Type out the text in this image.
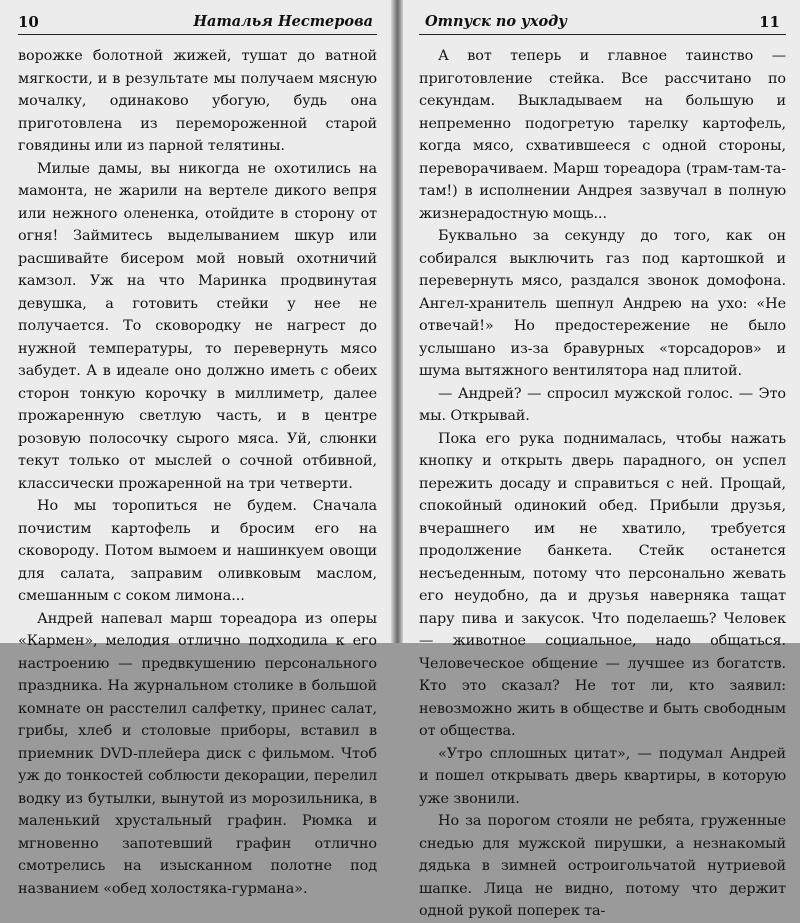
10	Наталья Нестерова

ворожке болотной жижей, тушат до ватной мягкости, и в результате мы получаем мясную мочалку, одинаково убогую, будь она приготовлена из перемороженной старой говядины или из парной телятины.

Милые дамы, вы никогда не охотились на мамонта, не жарили на вертеле дикого вепря или нежного олененка, отойдите в сторону от огня! Займитесь выделыванием шкур или расшивайте бисером мой новый охотничий камзол. Уж на что Маринка продвинутая девушка, а готовить стейки у нее не получается. То сковородку не нагрест до нужной температуры, то перевернуть мясо забудет. А в идеале оно должно иметь с обеих сторон тонкую корочку в миллиметр, далее прожаренную светлую часть, и в центре розовую полосочку сырого мяса. Уй, слюнки текут только от мыслей о сочной отбивной, классически прожаренной на три четверти.

Но мы торопиться не будем. Сначала почистим картофель и бросим его на сковороду. Потом вымоем и нашинкуем овощи для салата, заправим оливковым маслом, смешанным с соком лимона...

Андрей напевал марш тореадора из оперы «Кармен», мелодия отлично подходила к его настроению — предвкушению персонального праздника. На журнальном столике в большой комнате он расстелил салфетку, принес салат, грибы, хлеб и столовые приборы, вставил в приемник DVD-плейера диск с фильмом. Чтоб уж до тонкостей соблюсти декорации, перелил водку из бутылки, вынутой из морозильника, в маленький хрустальный графин. Рюмка и мгновенно запотевший графин отлично смотрелись на изысканном полотне под названием «обед холостяка-гурмана».

Отпуск по уходу	11

А вот теперь и главное таинство — приготовление стейка. Все рассчитано по секундам. Выкладываем на большую и непременно подогретую тарелку картофель, когда мясо, схватившееся с одной стороны, переворачиваем. Марш тореадора (трам-там-та-там!) в исполнении Андрея зазвучал в полную жизнерадостную мощь...

Буквально за секунду до того, как он собирался выключить газ под картошкой и перевернуть мясо, раздался звонок домофона. Ангел-хранитель шепнул Андрею на ухо: «Не отвечай!» Но предостережение не было услышано из-за бравурных «торсадоров» и шума вытяжного вентилятора над плитой.

— Андрей? — спросил мужской голос. — Это мы. Открывай.

Пока его рука поднималась, чтобы нажать кнопку и открыть дверь парадного, он успел пережить досаду и справиться с ней. Прощай, спокойный одинокий обед. Прибыли друзья, вчерашнего им не хватило, требуется продолжение банкета. Стейк останется несъеденным, потому что персонально жевать его неудобно, да и друзья наверняка тащат пару пива и закусок. Что поделаешь? Человек — животное социальное, надо общаться. Человеческое общение — лучшее из богатств. Кто это сказал? Не тот ли, кто заявил: невозможно жить в обществе и быть свободным от общества.

«Утро сплошных цитат», — подумал Андрей и пошел открывать дверь квартиры, в которую уже звонили.

Но за порогом стояли не ребята, груженные снедью для мужской пирушки, а незнакомый дядька в зимней остроигольчатой нутриевой шапке. Лица не видно, потому что держит одной рукой поперек та-
